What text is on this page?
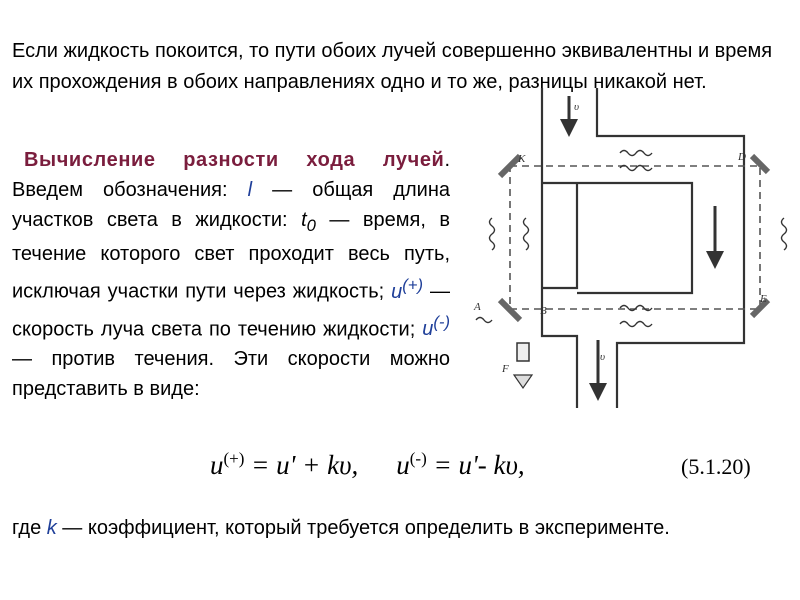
Если жидкость покоится, то пути обоих лучей совершенно эквивалентны и время их прохождения в обоих направлениях одно и то же, разницы никакой нет.
Вычисление разности хода лучей. Введем обозначения: l — общая длина участков света в жидкости: $t_0$ — время, в течение которого свет проходит весь путь, исключая участки пути через жидкость; u(+) — скорость луча света по течению жидкости; u(-) — против течения. Эти скорости можно представить в виде:
u(+) = u' + kυ, u(-) = u'- kυ,	(5.1.20)
где k — коэффициент, который требуется определить в эксперименте.
K	D
A	B
E
F
υ
υ
